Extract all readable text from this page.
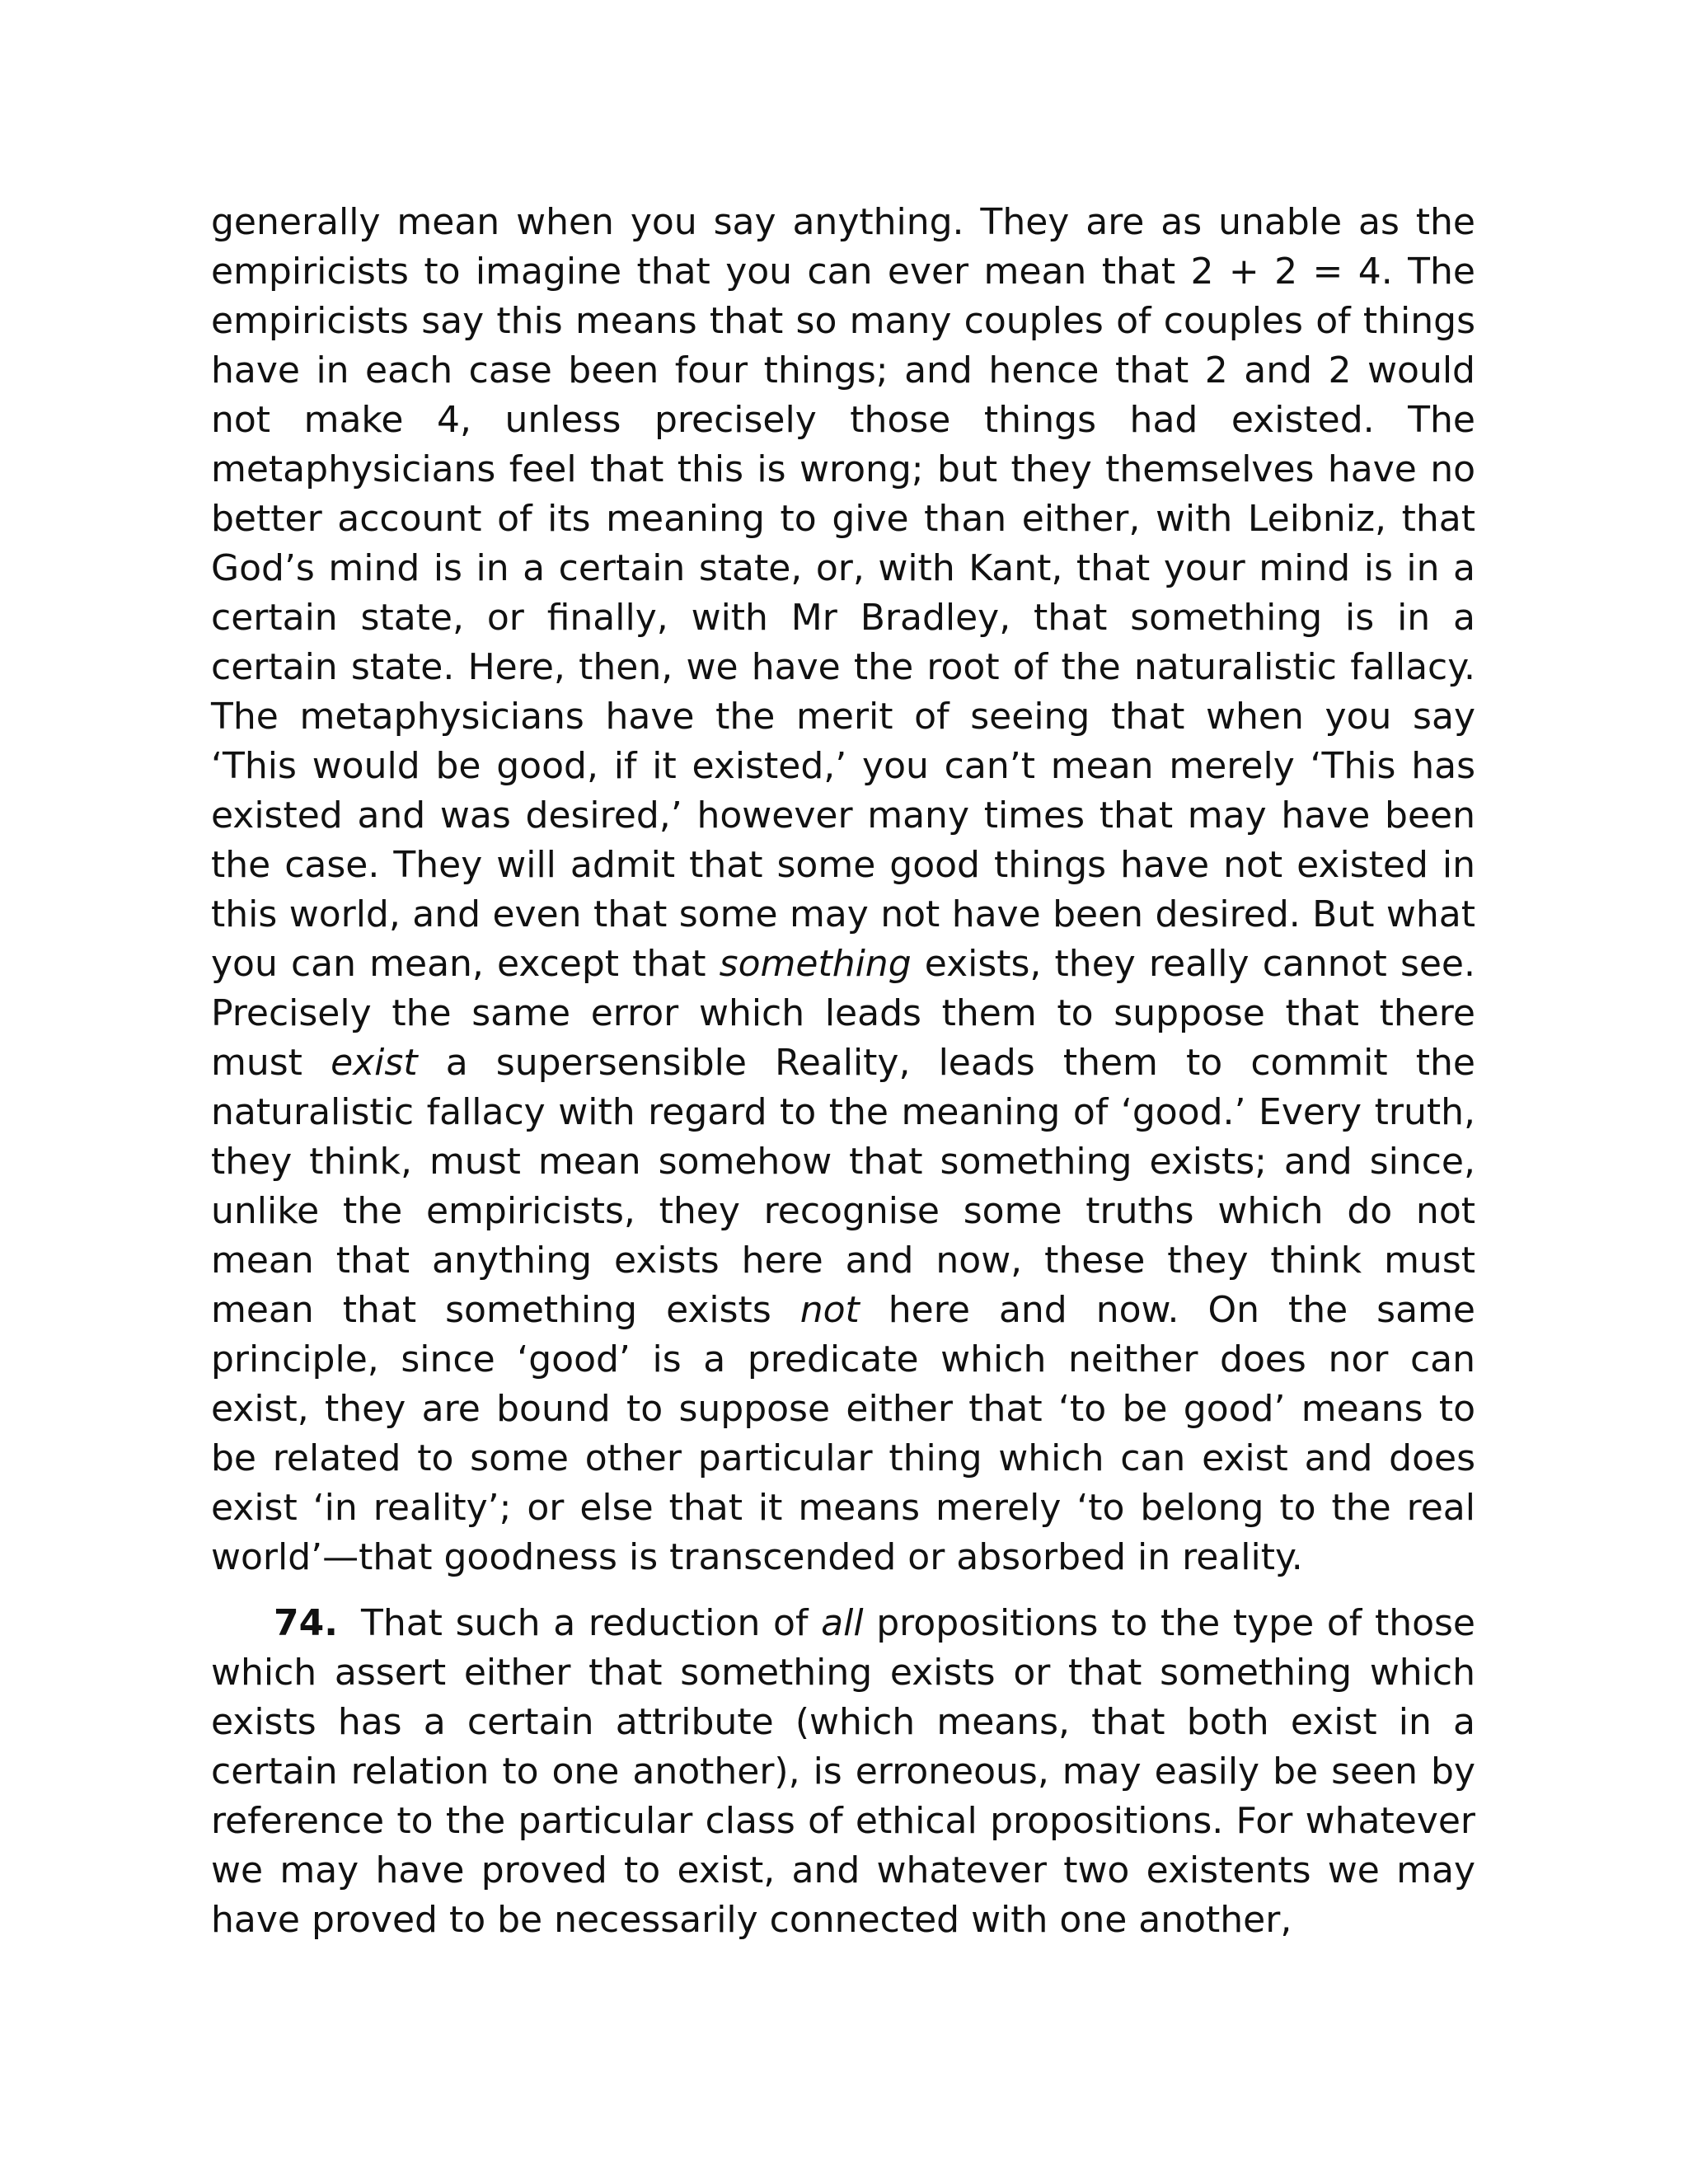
generally mean when you say anything. They are as unable as the empiricists to imagine that you can ever mean that 2 + 2 = 4. The empiricists say this means that so many couples of couples of things have in each case been four things; and hence that 2 and 2 would not make 4, unless precisely those things had existed. The metaphysicians feel that this is wrong; but they themselves have no better account of its meaning to give than either, with Leibniz, that God’s mind is in a certain state, or, with Kant, that your mind is in a certain state, or finally, with Mr Bradley, that something is in a certain state. Here, then, we have the root of the naturalistic fallacy. The metaphysicians have the merit of seeing that when you say ‘This would be good, if it existed,’ you can’t mean merely ‘This has existed and was desired,’ however many times that may have been the case. They will admit that some good things have not existed in this world, and even that some may not have been desired. But what you can mean, except that something exists, they really cannot see. Precisely the same error which leads them to suppose that there must exist a supersensible Reality, leads them to commit the naturalistic fallacy with regard to the meaning of ‘good.’ Every truth, they think, must mean somehow that something exists; and since, unlike the empiricists, they recognise some truths which do not mean that anything exists here and now, these they think must mean that something exists not here and now. On the same principle, since ‘good’ is a predicate which neither does nor can exist, they are bound to suppose either that ‘to be good’ means to be related to some other particular thing which can exist and does exist ‘in reality’; or else that it means merely ‘to belong to the real world’—that goodness is transcended or absorbed in reality.

74. That such a reduction of all propositions to the type of those which assert either that something exists or that something which exists has a certain attribute (which means, that both exist in a certain relation to one another), is erroneous, may easily be seen by reference to the particular class of ethical propositions. For whatever we may have proved to exist, and whatever two existents we may have proved to be necessarily connected with one another,
